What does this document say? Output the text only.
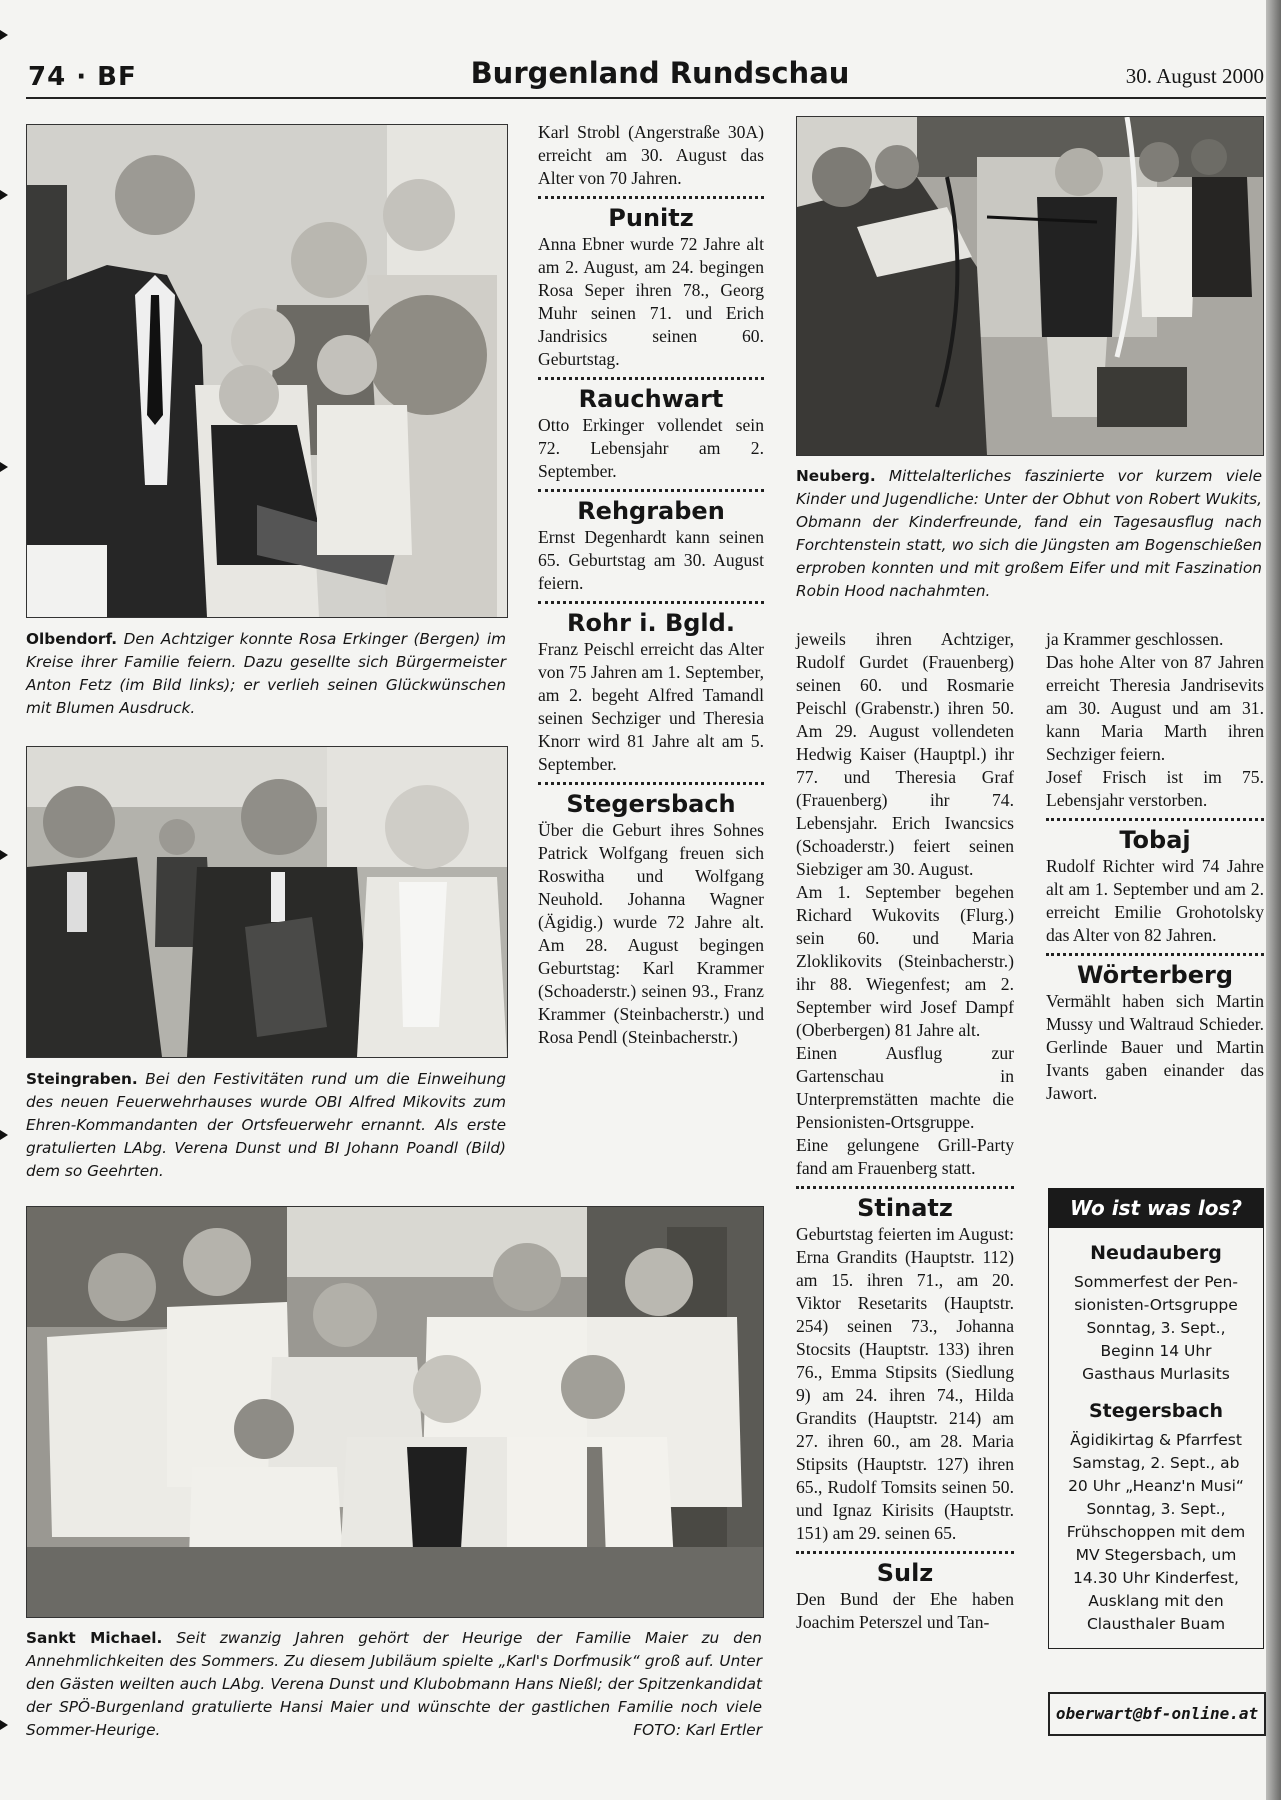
74 · BF	Burgenland Rundschau	30. August 2000
Olbendorf. Den Achtziger konnte Rosa Erkinger (Bergen) im Kreise ihrer Familie feiern. Dazu gesellte sich Bürgermeister Anton Fetz (im Bild links); er verlieh seinen Glückwünschen mit Blumen Ausdruck.
Steingraben. Bei den Festivitäten rund um die Einweihung des neuen Feuerwehrhauses wurde OBI Alfred Mikovits zum Ehren-Kommandanten der Ortsfeuerwehr ernannt. Als erste gratulierten LAbg. Verena Dunst und BI Johann Poandl (Bild) dem so Geehrten.
Sankt Michael. Seit zwanzig Jahren gehört der Heurige der Familie Maier zu den Annehmlichkeiten des Sommers. Zu diesem Jubiläum spielte „Karl's Dorfmusik“ groß auf. Unter den Gästen weilten auch LAbg. Verena Dunst und Klubobmann Hans Nießl; der Spitzenkandidat der SPÖ-Burgenland gratulierte Hansi Maier und wünschte der gastlichen Familie noch viele Sommer-Heurige.	FOTO: Karl Ertler
Neuberg. Mittelalterliches faszinierte vor kurzem viele Kinder und Jugendliche: Unter der Obhut von Robert Wukits, Obmann der Kinderfreunde, fand ein Tagesausflug nach Forchtenstein statt, wo sich die Jüngsten am Bogenschießen erproben konnten und mit großem Eifer und mit Faszination Robin Hood nachahmten.

Karl Strobl (Angerstraße 30A) erreicht am 30. August das Alter von 70 Jahren.

Punitz

Anna Ebner wurde 72 Jahre alt am 2. August, am 24. begingen Rosa Seper ihren 78., Georg Muhr seinen 71. und Erich Jandrisics seinen 60. Geburtstag.

Rauchwart

Otto Erkinger vollendet sein 72. Lebensjahr am 2. September.

Rehgraben

Ernst Degenhardt kann seinen 65. Geburtstag am 30. August feiern.

Rohr i. Bgld.

Franz Peischl erreicht das Alter von 75 Jahren am 1. September, am 2. begeht Alfred Tamandl seinen Sechziger und Theresia Knorr wird 81 Jahre alt am 5. September.

Stegersbach

Über die Geburt ihres Sohnes Patrick Wolfgang freuen sich Roswitha und Wolfgang Neuhold. Johanna Wagner (Ägidig.) wurde 72 Jahre alt. Am 28. August begingen Geburtstag: Karl Krammer (Schoaderstr.) seinen 93., Franz Krammer (Steinbacherstr.) und Rosa Pendl (Steinbacherstr.)

jeweils ihren Achtziger, Rudolf Gurdet (Frauenberg) seinen 60. und Rosmarie Peischl (Grabenstr.) ihren 50. Am 29. August vollendeten Hedwig Kaiser (Hauptpl.) ihr 77. und Theresia Graf (Frauenberg) ihr 74. Lebensjahr. Erich Iwancsics (Schoaderstr.) feiert seinen Siebziger am 30. August.

Am 1. September begehen Richard Wukovits (Flurg.) sein 60. und Maria Zloklikovits (Steinbacherstr.) ihr 88. Wiegenfest; am 2. September wird Josef Dampf (Oberbergen) 81 Jahre alt.

Einen Ausflug zur Gartenschau in Unterpremstätten machte die Pensionisten-Ortsgruppe.

Eine gelungene Grill-Party fand am Frauenberg statt.

Stinatz

Geburtstag feierten im August: Erna Grandits (Hauptstr. 112) am 15. ihren 71., am 20. Viktor Resetarits (Hauptstr. 254) seinen 73., Johanna Stocsits (Hauptstr. 133) ihren 76., Emma Stipsits (Siedlung 9) am 24. ihren 74., Hilda Grandits (Hauptstr. 214) am 27. ihren 60., am 28. Maria Stipsits (Hauptstr. 127) ihren 65., Rudolf Tomsits seinen 50. und Ignaz Kirisits (Hauptstr. 151) am 29. seinen 65.

Sulz

Den Bund der Ehe haben Joachim Peterszel und Tan-

ja Krammer geschlossen.

Das hohe Alter von 87 Jahren erreicht Theresia Jandrisevits am 30. August und am 31. kann Maria Marth ihren Sechziger feiern.

Josef Frisch ist im 75. Lebensjahr verstorben.

Tobaj

Rudolf Richter wird 74 Jahre alt am 1. September und am 2. erreicht Emilie Grohotolsky das Alter von 82 Jahren.

Wörterberg

Vermählt haben sich Martin Mussy und Waltraud Schieder. Gerlinde Bauer und Martin Ivants gaben einander das Jawort.

Wo ist was los?
Neudauberg

Sommerfest der Pen-

sionisten-Ortsgruppe

Sonntag, 3. Sept.,

Beginn 14 Uhr

Gasthaus Murlasits

Stegersbach

Ägidikirtag & Pfarrfest

Samstag, 2. Sept., ab

20 Uhr „Heanz'n Musi“

Sonntag, 3. Sept.,

Frühschoppen mit dem

MV Stegersbach, um

14.30 Uhr Kinderfest,

Ausklang mit den

Clausthaler Buam

oberwart@bf-online.at
